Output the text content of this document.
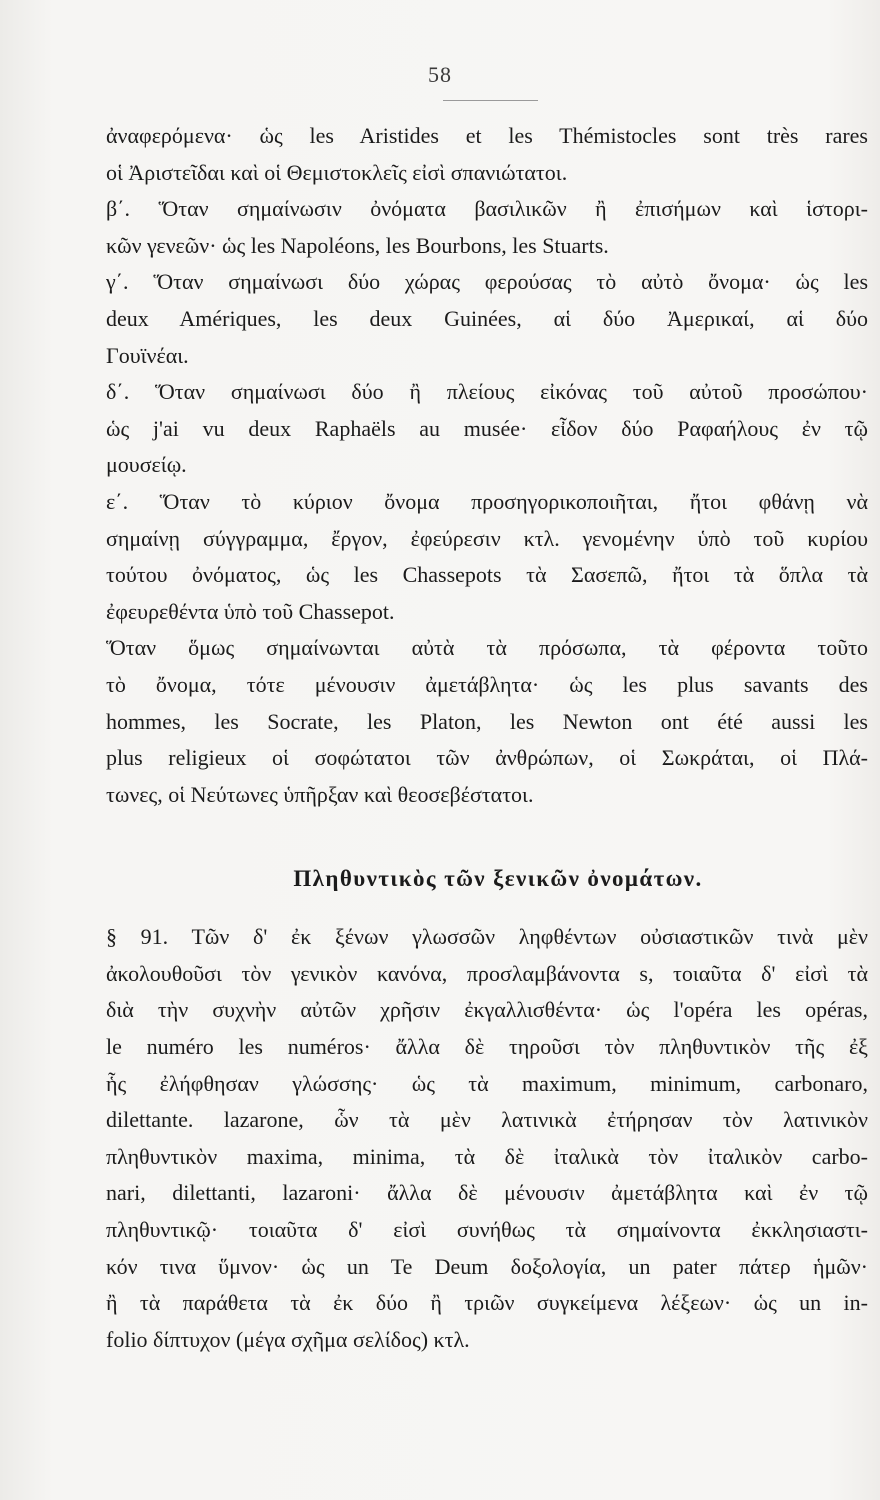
58
ἀναφερόμενα· ὡς les Aristides et les Thémistocles sont très rares
οἱ Ἀριστεῖδαι καὶ οἱ Θεμιστοκλεῖς εἰσὶ σπανιώτατοι.
β΄. Ὅταν σημαίνωσιν ὀνόματα βασιλικῶν ἢ ἐπισήμων καὶ ἱστορι-
κῶν γενεῶν· ὡς les Napoléons, les Bourbons, les Stuarts.
γ΄. Ὅταν σημαίνωσι δύο χώρας φερούσας τὸ αὐτὸ ὄνομα· ὡς les
deux Amériques, les deux Guinées, αἱ δύο Ἀμερικαί, αἱ δύο
Γουϊνέαι.
δ΄. Ὅταν σημαίνωσι δύο ἢ πλείους εἰκόνας τοῦ αὐτοῦ προσώπου·
ὡς j'ai vu deux Raphaëls au musée· εἶδον δύο Ραφαήλους ἐν τῷ
μουσείῳ.
ε΄. Ὅταν τὸ κύριον ὄνομα προσηγορικοποιῆται, ἤτοι φθάνῃ νὰ
σημαίνῃ σύγγραμμα, ἔργον, ἐφεύρεσιν κτλ. γενομένην ὑπὸ τοῦ κυρίου
τούτου ὀνόματος, ὡς les Chassepots τὰ Σασεπῶ, ἤτοι τὰ ὅπλα τὰ
ἐφευρεθέντα ὑπὸ τοῦ Chassepot.
Ὅταν ὅμως σημαίνωνται αὐτὰ τὰ πρόσωπα, τὰ φέροντα τοῦτο
τὸ ὄνομα, τότε μένουσιν ἀμετάβλητα· ὡς les plus savants des
hommes, les Socrate, les Platon, les Newton ont été aussi les
plus religieux οἱ σοφώτατοι τῶν ἀνθρώπων, οἱ Σωκράται, οἱ Πλά-
τωνες, οἱ Νεύτωνες ὑπῆρξαν καὶ θεοσεβέστατοι.
Πληθυντικὸς τῶν ξενικῶν ὀνομάτων.
§ 91. Τῶν δ' ἐκ ξένων γλωσσῶν ληφθέντων οὐσιαστικῶν τινὰ μὲν
ἀκολουθοῦσι τὸν γενικὸν κανόνα, προσλαμβάνοντα s, τοιαῦτα δ' εἰσὶ τὰ
διὰ τὴν συχνὴν αὐτῶν χρῆσιν ἐκγαλλισθέντα· ὡς l'opéra les opéras,
le numéro les numéros· ἄλλα δὲ τηροῦσι τὸν πληθυντικὸν τῆς ἐξ
ἧς ἐλήφθησαν γλώσσης· ὡς τὰ maximum, minimum, carbonaro,
dilettante. lazarone, ὧν τὰ μὲν λατινικὰ ἐτήρησαν τὸν λατινικὸν
πληθυντικὸν maxima, minima, τὰ δὲ ἰταλικὰ τὸν ἰταλικὸν carbo-
nari, dilettanti, lazaroni· ἄλλα δὲ μένουσιν ἀμετάβλητα καὶ ἐν τῷ
πληθυντικῷ· τοιαῦτα δ' εἰσὶ συνήθως τὰ σημαίνοντα ἐκκλησιαστι-
κόν τινα ὕμνον· ὡς un Te Deum δοξολογία, un pater πάτερ ἡμῶν·
ἢ τὰ παράθετα τὰ ἐκ δύο ἢ τριῶν συγκείμενα λέξεων· ὡς un in-
folio δίπτυχον (μέγα σχῆμα σελίδος) κτλ.
